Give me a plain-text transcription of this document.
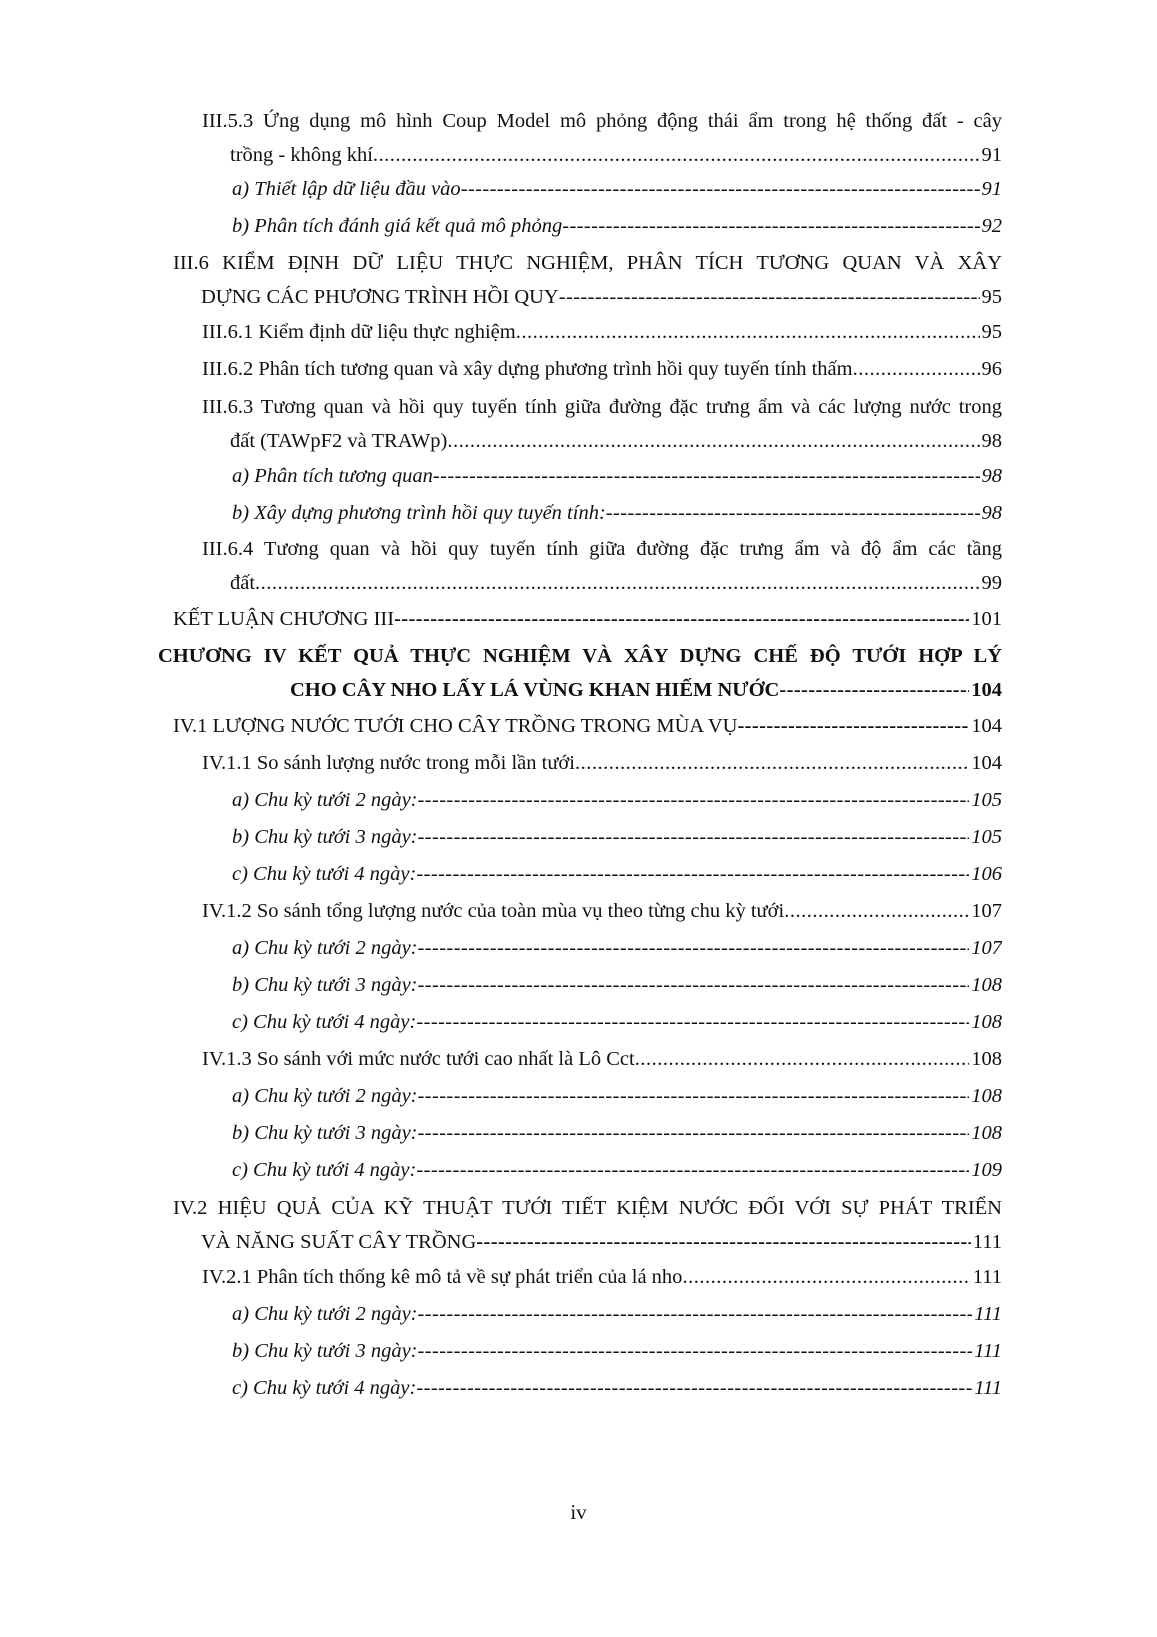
III.5.3 Ứng dụng mô hình Coup Model mô phỏng động thái ẩm trong hệ thống đất - cây
trồng - không khí .....	91
a) Thiết lập dữ liệu đầu vào -----	91
b) Phân tích đánh giá kết quả mô phỏng -----	92
III.6 KIỂM ĐỊNH DỮ LIỆU THỰC NGHIỆM, PHÂN TÍCH TƯƠNG QUAN VÀ XÂY
DỰNG CÁC PHƯƠNG TRÌNH HỒI QUY -----	95
III.6.1 Kiểm định dữ liệu thực nghiệm .....	95
III.6.2 Phân tích tương quan và xây dựng phương trình hồi quy tuyến tính thấm .....	96
III.6.3 Tương quan và hồi quy tuyến tính giữa đường đặc trưng ẩm và các lượng nước trong
đất (TAWpF2 và TRAWp) .....	98
a) Phân tích tương quan -----	98
b) Xây dựng phương trình hồi quy tuyến tính: -----	98
III.6.4 Tương quan và hồi quy tuyến tính giữa đường đặc trưng ẩm và độ ẩm các tầng
đất .....	99
KẾT LUẬN CHƯƠNG III -----	101
CHƯƠNG IV KẾT QUẢ THỰC NGHIỆM VÀ XÂY DỰNG CHẾ ĐỘ TƯỚI HỢP LÝ
CHO CÂY NHO LẤY LÁ VÙNG KHAN HIẾM NƯỚC -----	104
IV.1 LƯỢNG NƯỚC TƯỚI CHO CÂY TRỒNG TRONG MÙA VỤ -----	104
IV.1.1 So sánh lượng nước trong mỗi lần tưới .....	104
a) Chu kỳ tưới 2 ngày: -----	105
b) Chu kỳ tưới 3 ngày: -----	105
c) Chu kỳ tưới 4 ngày: -----	106
IV.1.2 So sánh tổng lượng nước của toàn mùa vụ theo từng chu kỳ tưới .....	107
a) Chu kỳ tưới 2 ngày: -----	107
b) Chu kỳ tưới 3 ngày: -----	108
c) Chu kỳ tưới 4 ngày: -----	108
IV.1.3 So sánh với mức nước tưới cao nhất là Lô Cct .....	108
a) Chu kỳ tưới 2 ngày: -----	108
b) Chu kỳ tưới 3 ngày: -----	108
c) Chu kỳ tưới 4 ngày: -----	109
IV.2 HIỆU QUẢ CỦA KỸ THUẬT TƯỚI TIẾT KIỆM NƯỚC ĐỐI VỚI SỰ PHÁT TRIỂN
VÀ NĂNG SUẤT CÂY TRỒNG -----	111
IV.2.1 Phân tích thống kê mô tả về sự phát triển của lá nho .....	111
a) Chu kỳ tưới 2 ngày: -----	111
b) Chu kỳ tưới 3 ngày: -----	111
c) Chu kỳ tưới 4 ngày: -----	111
iv
